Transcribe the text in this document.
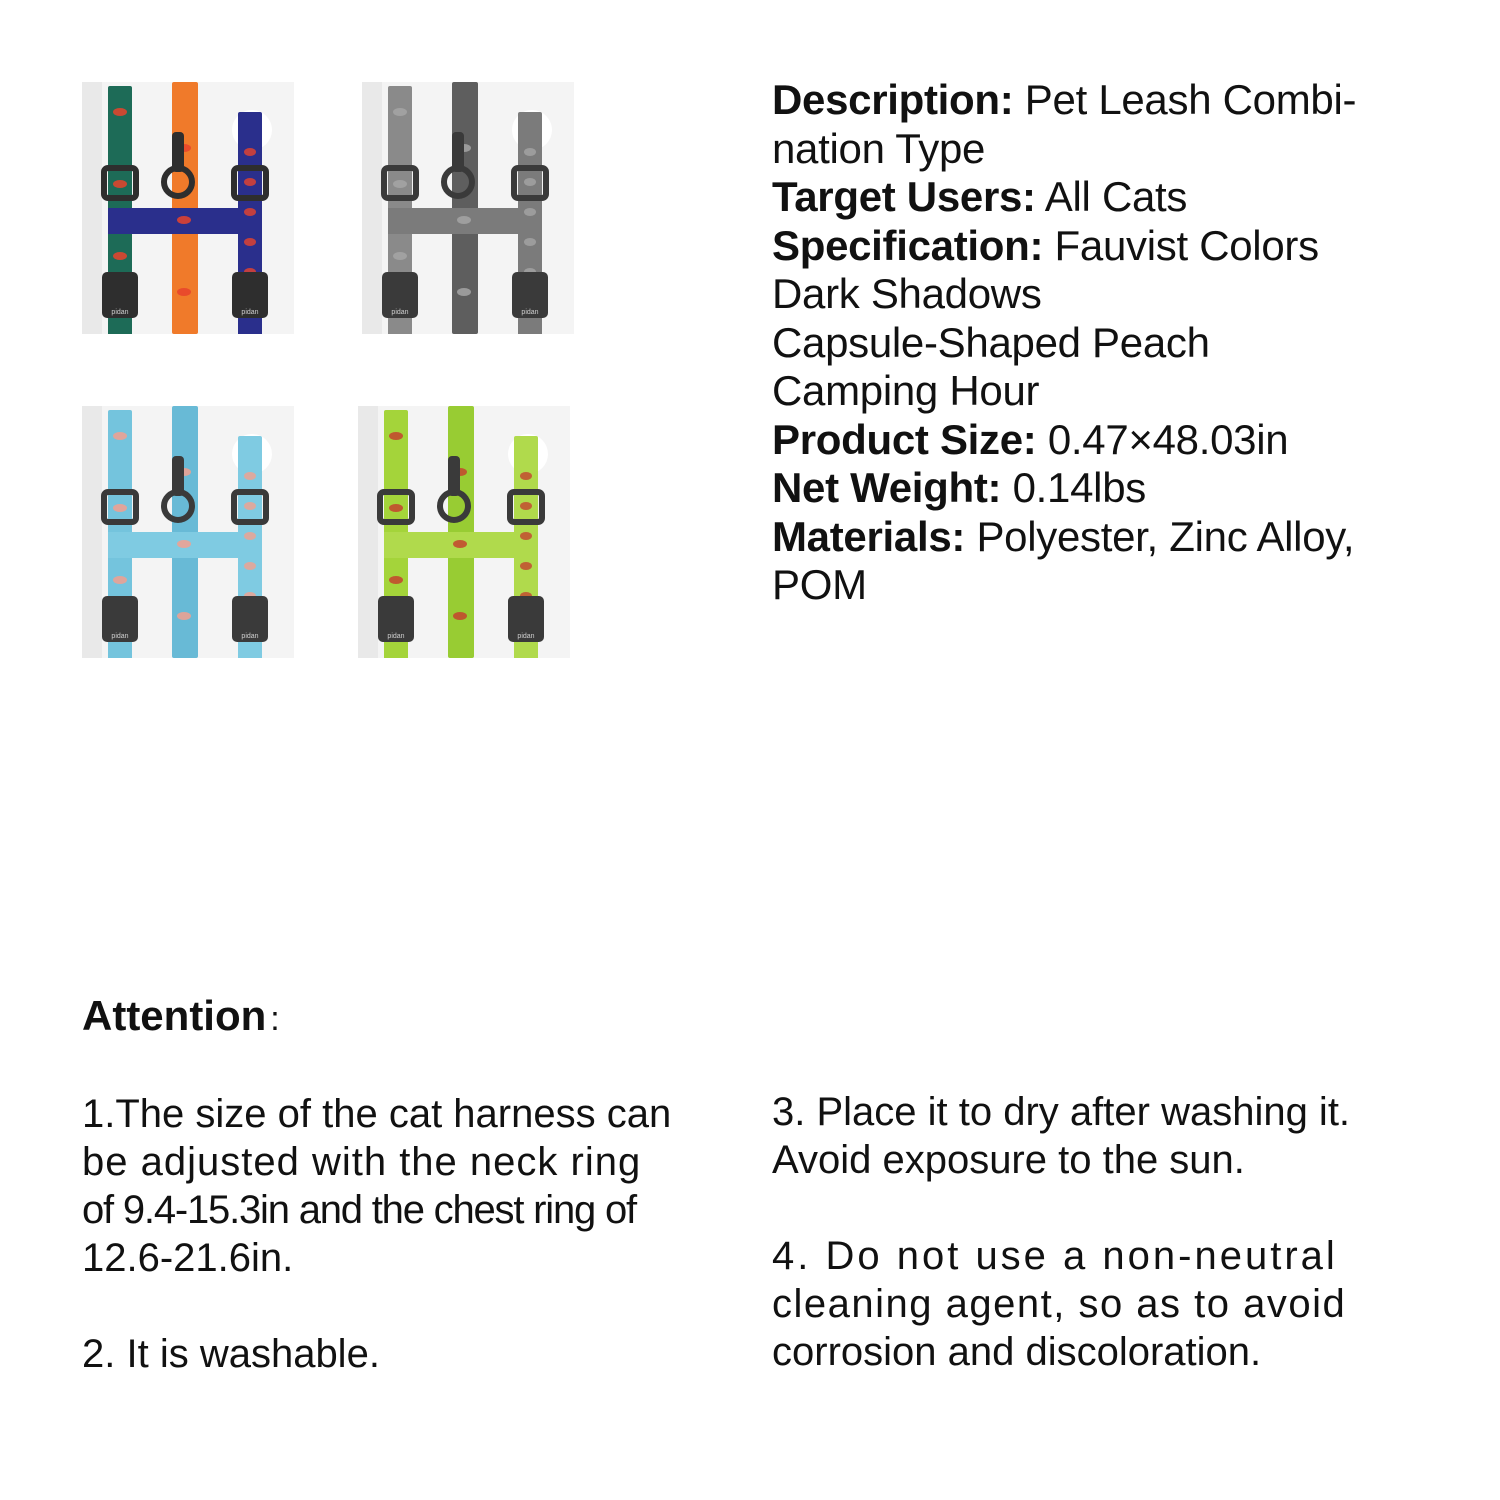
pidan	pidan	pidan	pidan
pidan	pidan	pidan	pidan
Description: Pet Leash Combi-
nation Type
Target Users: All Cats
Specification: Fauvist Colors
Dark Shadows
Capsule-Shaped Peach
Camping Hour
Product Size: 0.47×48.03in
Net Weight: 0.14lbs
Materials: Polyester, Zinc Alloy,
POM
Attention :

1.The size of the cat harness can
be adjusted with the neck ring
of 9.4-15.3in and the chest ring of
12.6-21.6in.

2. It is washable.

3. Place it to dry after washing it.
Avoid exposure to the sun.

4. Do not use a non-neutral
cleaning agent, so as to avoid
corrosion and discoloration.
